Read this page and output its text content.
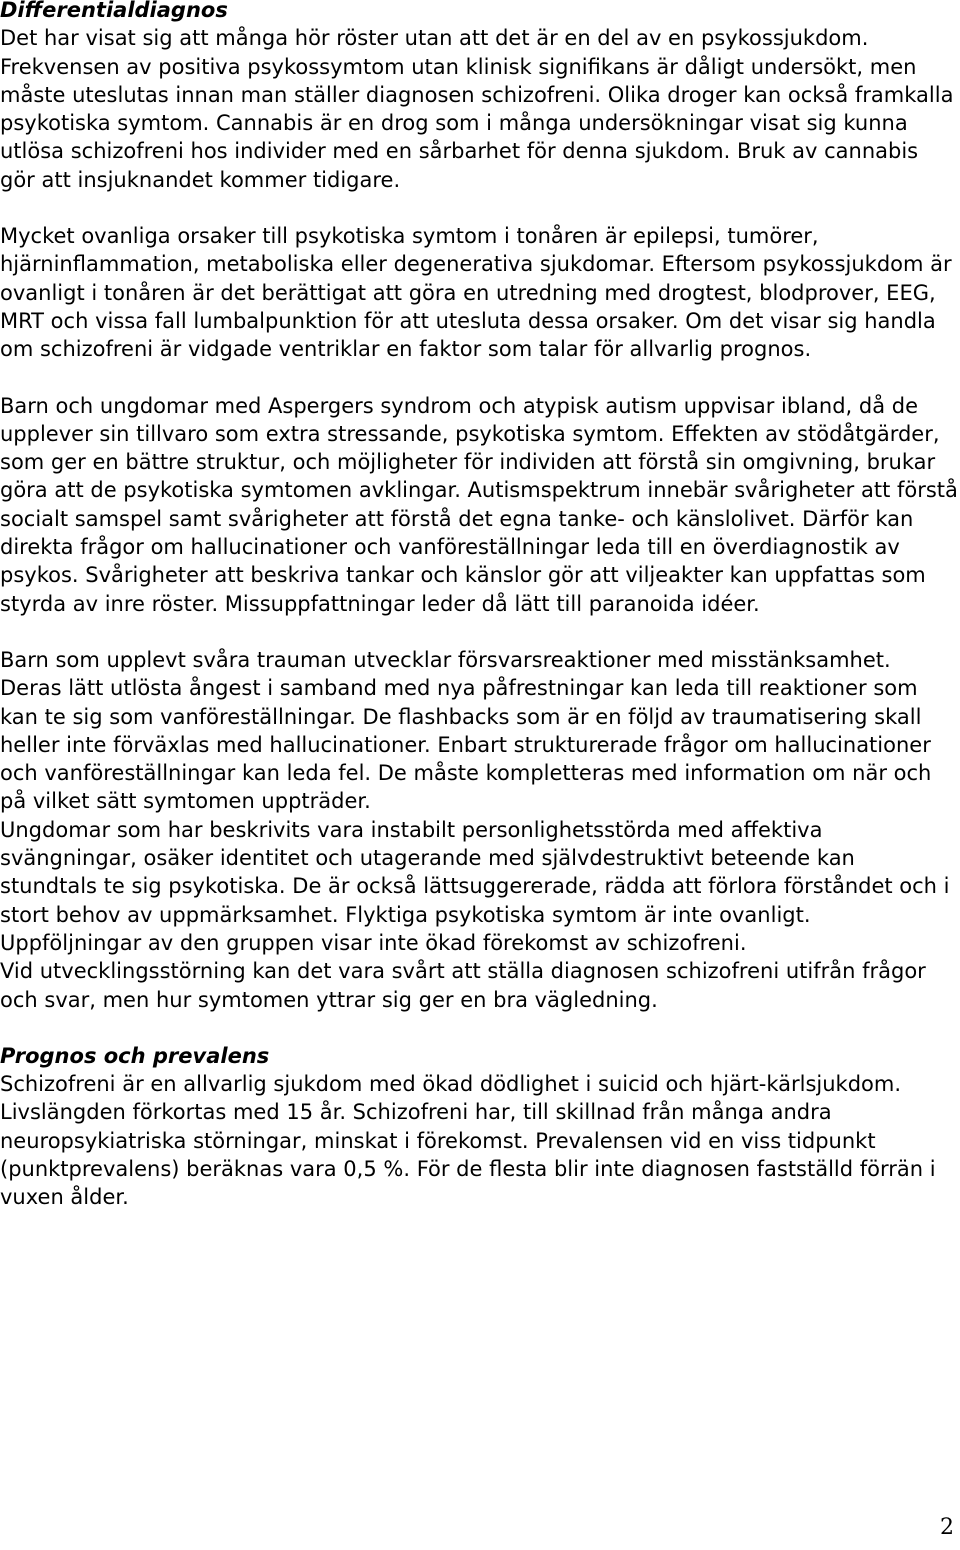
Differentialdiagnos

Det har visat sig att många hör röster utan att det är en del av en psykossjukdom. Frekvensen av positiva psykossymtom utan klinisk signifikans är dåligt undersökt, men måste uteslutas innan man ställer diagnosen schizofreni. Olika droger kan också framkalla psykotiska symtom. Cannabis är en drog som i många undersökningar visat sig kunna utlösa schizofreni hos individer med en sårbarhet för denna sjukdom. Bruk av cannabis gör att insjuknandet kommer tidigare.

Mycket ovanliga orsaker till psykotiska symtom i tonåren är epilepsi, tumörer, hjärninflammation, metaboliska eller degenerativa sjukdomar. Eftersom psykossjukdom är ovanligt i tonåren är det berättigat att göra en utredning med drogtest, blodprover, EEG, MRT och vissa fall lumbalpunktion för att utesluta dessa orsaker. Om det visar sig handla om schizofreni är vidgade ventriklar en faktor som talar för allvarlig prognos.

Barn och ungdomar med Aspergers syndrom och atypisk autism uppvisar ibland, då de upplever sin tillvaro som extra stressande, psykotiska symtom. Effekten av stödåtgärder, som ger en bättre struktur, och möjligheter för individen att förstå sin omgivning, brukar göra att de psykotiska symtomen avklingar. Autismspektrum innebär svårigheter att förstå socialt samspel samt svårigheter att förstå det egna tanke- och känslolivet. Därför kan direkta frågor om hallucinationer och vanföreställningar leda till en överdiagnostik av psykos. Svårigheter att beskriva tankar och känslor gör att viljeakter kan uppfattas som styrda av inre röster. Missuppfattningar leder då lätt till paranoida idéer.

Barn som upplevt svåra trauman utvecklar försvarsreaktioner med misstänksamhet. Deras lätt utlösta ångest i samband med nya påfrestningar kan leda till reaktioner som kan te sig som vanföreställningar. De flashbacks som är en följd av traumatisering skall heller inte förväxlas med hallucinationer. Enbart strukturerade frågor om hallucinationer och vanföreställningar kan leda fel. De måste kompletteras med information om när och på vilket sätt symtomen uppträder.

Ungdomar som har beskrivits vara instabilt personlighetsstörda med affektiva svängningar, osäker identitet och utagerande med självdestruktivt beteende kan stundtals te sig psykotiska. De är också lättsuggererade, rädda att förlora förståndet och i stort behov av uppmärksamhet. Flyktiga psykotiska symtom är inte ovanligt. Uppföljningar av den gruppen visar inte ökad förekomst av schizofreni.

Vid utvecklingsstörning kan det vara svårt att ställa diagnosen schizofreni utifrån frågor och svar, men hur symtomen yttrar sig ger en bra vägledning.

Prognos och prevalens

Schizofreni är en allvarlig sjukdom med ökad dödlighet i suicid och hjärt-kärlsjukdom. Livslängden förkortas med 15 år. Schizofreni har, till skillnad från många andra neuropsykiatriska störningar, minskat i förekomst. Prevalensen vid en viss tidpunkt (punktprevalens) beräknas vara 0,5 %. För de flesta blir inte diagnosen fastställd förrän i vuxen ålder.

2
